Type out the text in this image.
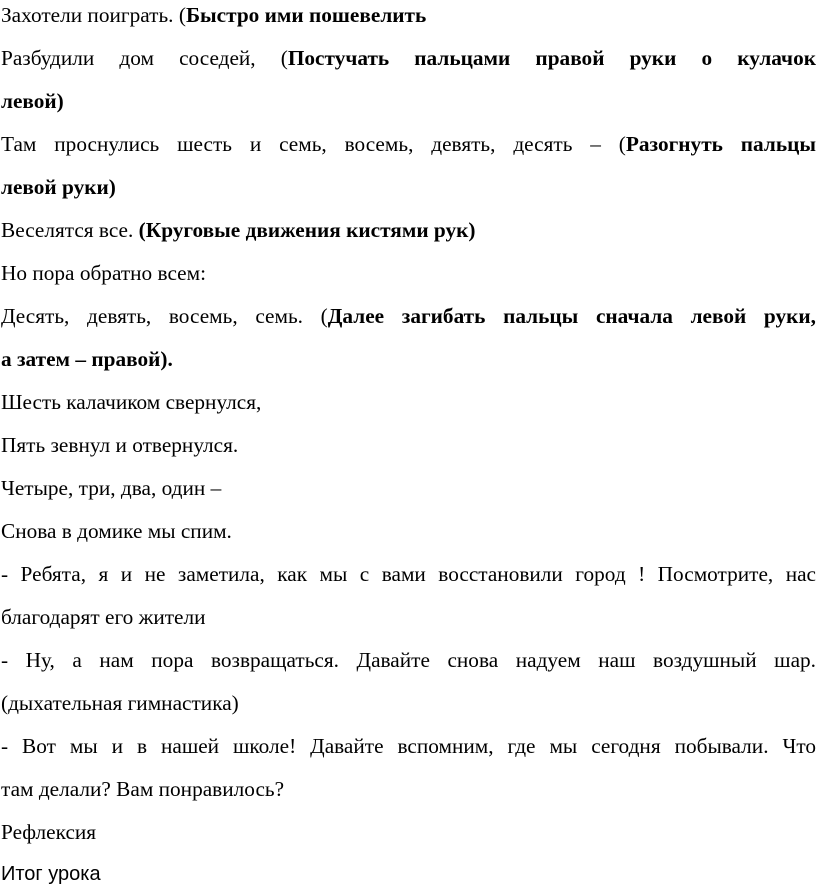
Захотели поиграть. (Быстро ими пошевелить
Разбудили дом соседей, (Постучать пальцами правой руки о кулачок
левой)
Там проснулись шесть и семь, восемь, девять, десять – (Разогнуть пальцы
левой руки)
Веселятся все. (Круговые движения кистями рук)
Но пора обратно всем:
Десять, девять, восемь, семь. (Далее загибать пальцы сначала левой руки,
а затем – правой).
Шесть калачиком свернулся,
Пять зевнул и отвернулся.
Четыре, три, два, один –
Снова в домике мы спим.
- Ребята, я и не заметила, как мы с вами восстановили город ! Посмотрите, нас
благодарят его жители
- Ну, а нам пора возвращаться. Давайте снова надуем наш воздушный шар.
(дыхательная гимнастика)
- Вот мы и в нашей школе! Давайте вспомним, где мы сегодня побывали. Что
там делали? Вам понравилось?
Рефлексия
Итог урока
